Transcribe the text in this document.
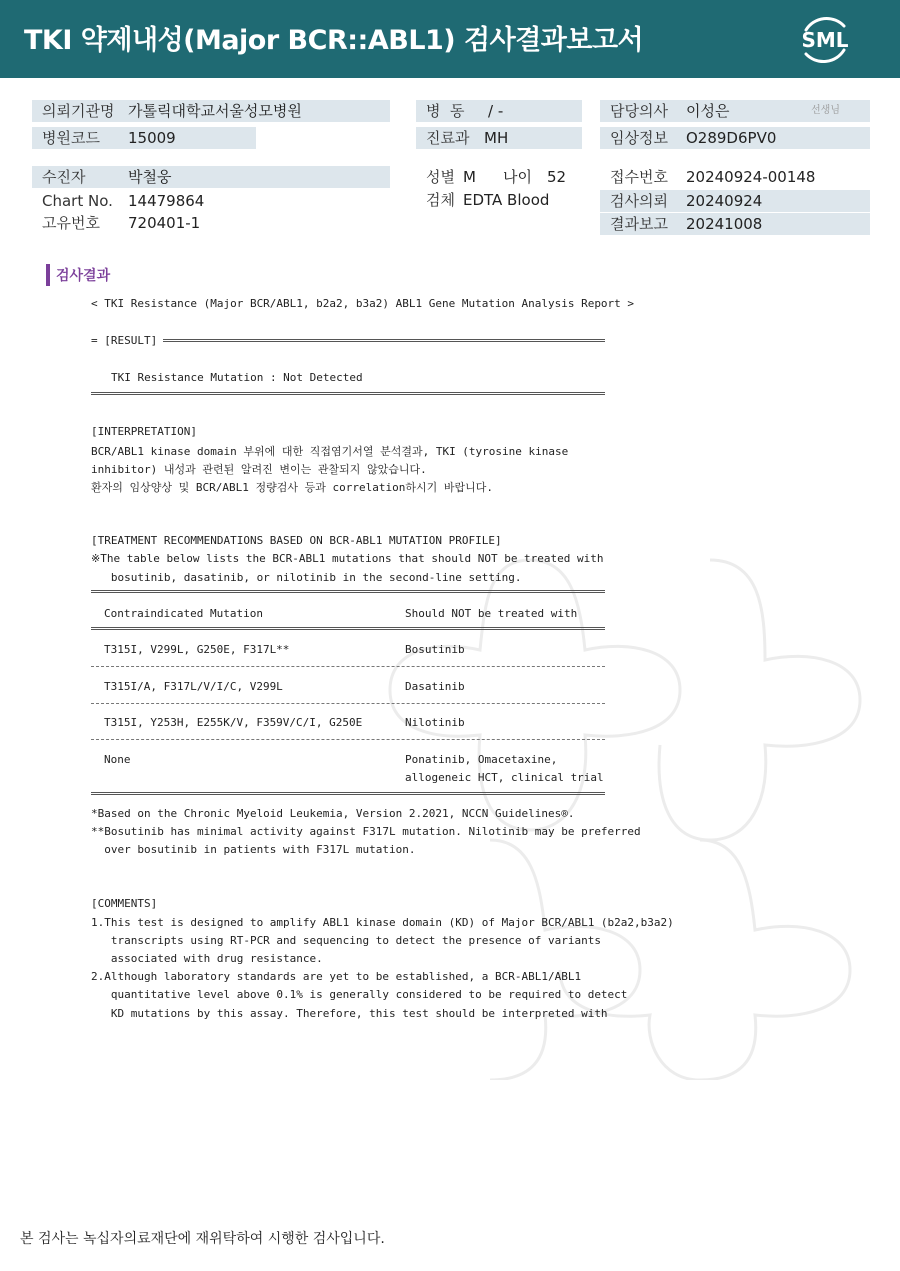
TKI 약제내성(Major BCR::ABL1) 검사결과보고서	SML
의뢰기관명 가톨릭대학교서울성모병원
병원코드 15009
수진자	박철웅
Chart No. 14479864
고유번호 720401-1
병  동 / -
진료과 MH
성별 M 나이 52
검체 EDTA Blood
담당의사 이성은	선생님
임상정보 O289D6PV0
접수번호 20240924-00148
검사의뢰 20240924
결과보고 20241008
검사결과
< TKI Resistance (Major BCR/ABL1, b2a2, b3a2) ABL1 Gene Mutation Analysis Report >
= [RESULT]
TKI Resistance Mutation : Not Detected
[INTERPRETATION]
BCR/ABL1 kinase domain 부위에 대한 직접염기서열 분석결과, TKI (tyrosine kinase
inhibitor) 내성과 관련된 알려진 변이는 관찰되지 않았습니다.
환자의 임상양상 및 BCR/ABL1 정량검사 등과 correlation하시기 바랍니다.
[TREATMENT RECOMMENDATIONS BASED ON BCR-ABL1 MUTATION PROFILE]
※The table below lists the BCR-ABL1 mutations that should NOT be treated with
bosutinib, dasatinib, or nilotinib in the second-line setting.
Contraindicated Mutation	Should NOT be treated with
T315I, V299L, G250E, F317L**	Bosutinib
T315I/A, F317L/V/I/C, V299L	Dasatinib
T315I, Y253H, E255K/V, F359V/C/I, G250E	Nilotinib
None	Ponatinib, Omacetaxine,
allogeneic HCT, clinical trial
*Based on the Chronic Myeloid Leukemia, Version 2.2021, NCCN Guidelines®.
**Bosutinib has minimal activity against F317L mutation. Nilotinib may be preferred
over bosutinib in patients with F317L mutation.
[COMMENTS]
1.This test is designed to amplify ABL1 kinase domain (KD) of Major BCR/ABL1 (b2a2,b3a2)
transcripts using RT-PCR and sequencing to detect the presence of variants
associated with drug resistance.
2.Although laboratory standards are yet to be established, a BCR-ABL1/ABL1
quantitative level above 0.1% is generally considered to be required to detect
KD mutations by this assay. Therefore, this test should be interpreted with
본 검사는 녹십자의료재단에 재위탁하여 시행한 검사입니다.
